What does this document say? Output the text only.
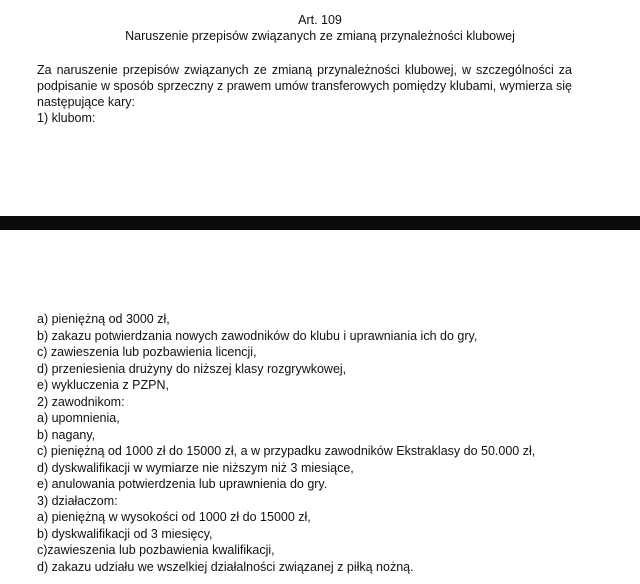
Art. 109
Naruszenie przepisów związanych ze zmianą przynależności klubowej
Za naruszenie przepisów związanych ze zmianą przynależności klubowej, w szczególności za
podpisanie w sposób sprzeczny z prawem umów transferowych pomiędzy klubami, wymierza się
następujące kary:
1) klubom:
a) pieniężną od 3000 zł,
b) zakazu potwierdzania nowych zawodników do klubu i uprawniania ich do gry,
c) zawieszenia lub pozbawienia licencji,
d) przeniesienia drużyny do niższej klasy rozgrywkowej,
e) wykluczenia z PZPN,
2) zawodnikom:
a) upomnienia,
b) nagany,
c) pieniężną od 1000 zł do 15000 zł, a w przypadku zawodników Ekstraklasy do 50.000 zł,
d) dyskwalifikacji w wymiarze nie niższym niż 3 miesiące,
e) anulowania potwierdzenia lub uprawnienia do gry.
3) działaczom:
a) pieniężną w wysokości od 1000 zł do 15000 zł,
b) dyskwalifikacji od 3 miesięcy,
c)zawieszenia lub pozbawienia kwalifikacji,
d) zakazu udziału we wszelkiej działalności związanej z piłką nożną.
